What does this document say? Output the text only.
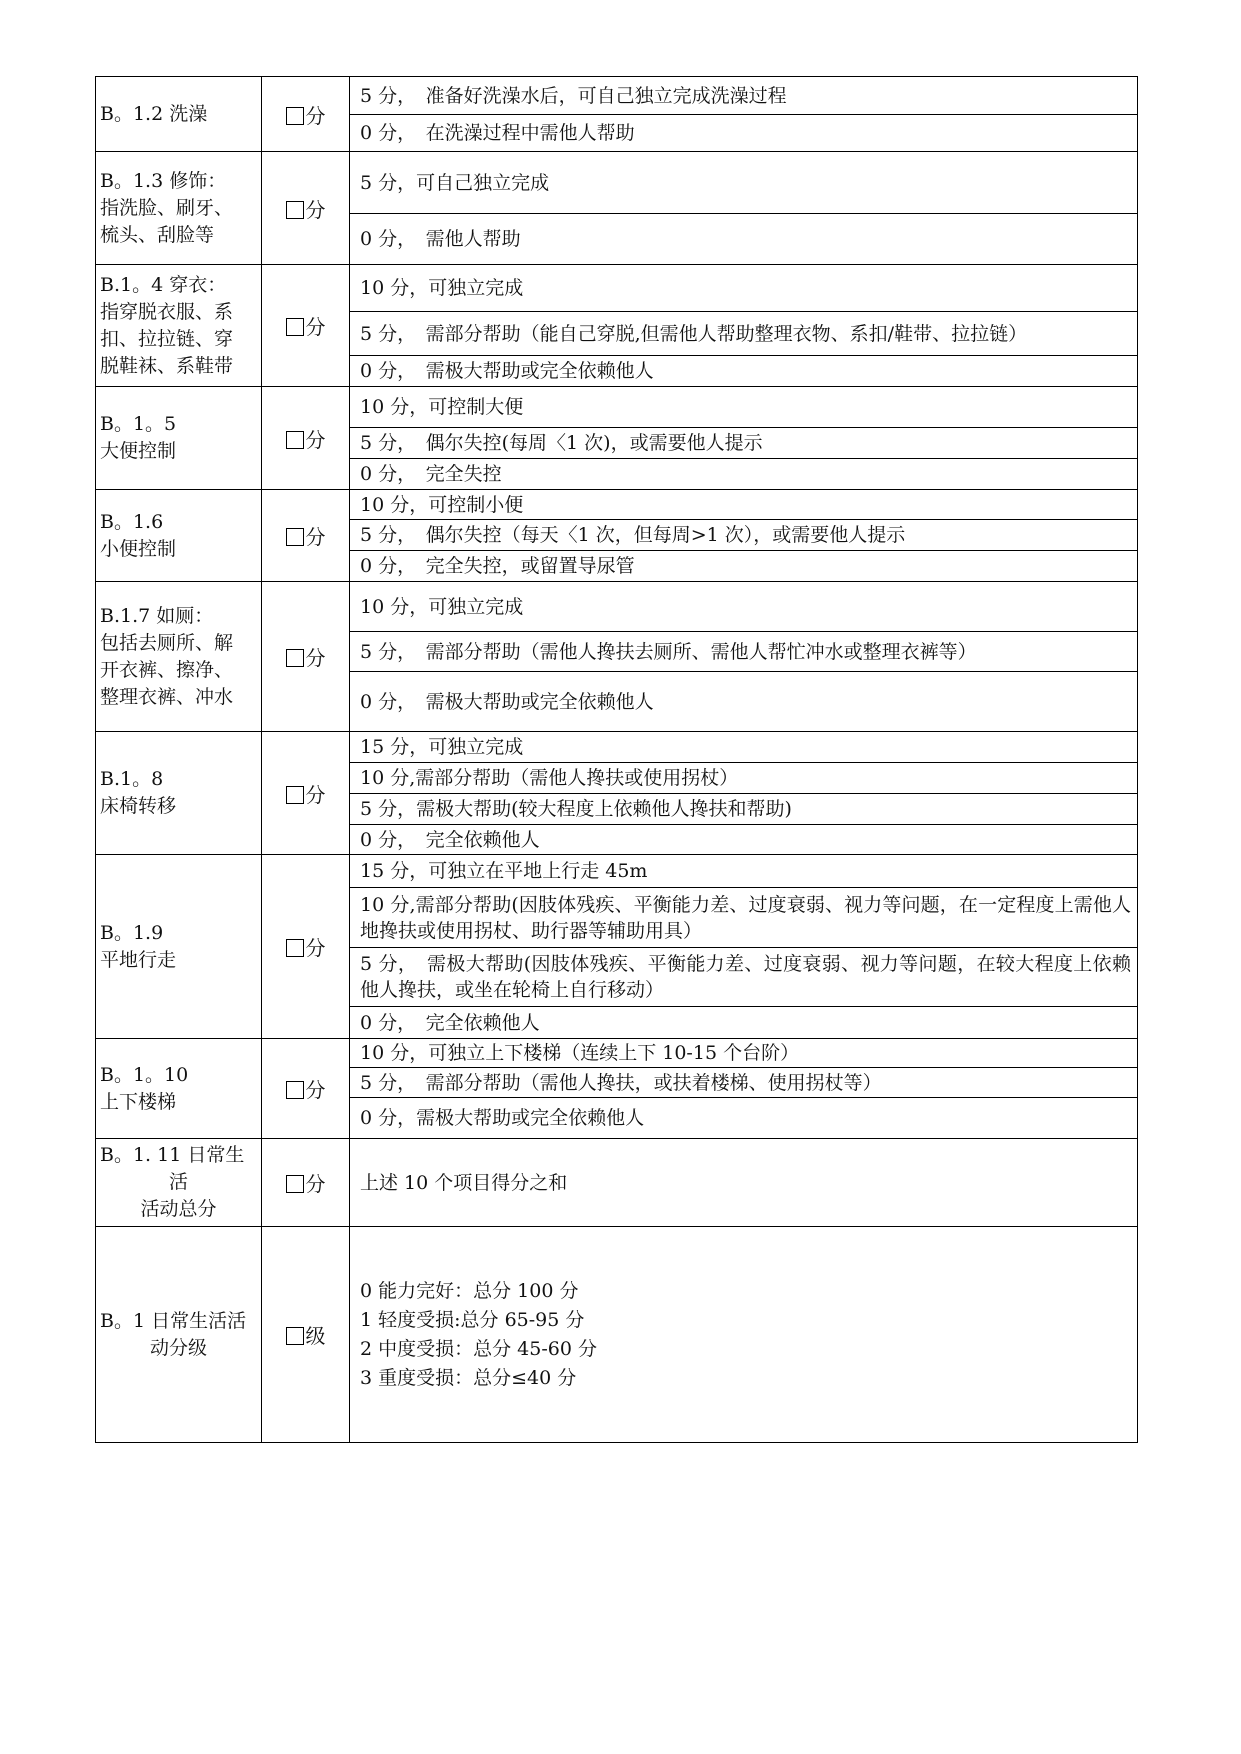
B。1.2 洗澡	分	5 分，　准备好洗澡水后，可自己独立完成洗澡过程
		0 分，　在洗澡过程中需他人帮助

B。1.3 修饰：
指洗脸、刷牙、
梳头、刮脸等	分	5 分，可自己独立完成
		0 分，　需他人帮助

B.1。4 穿衣：
指穿脱衣服、系
扣、拉拉链、穿
脱鞋袜、系鞋带	分	10 分，可独立完成
		5 分，　需部分帮助（能自己穿脱,但需他人帮助整理衣物、系扣/鞋带、拉拉链）
		0 分，　需极大帮助或完全依赖他人

B。1。5
大便控制	分	10 分，可控制大便
		5 分，　偶尔失控(每周〈1 次)，或需要他人提示
		0 分，　完全失控

B。1.6
小便控制	分	10 分，可控制小便
		5 分，　偶尔失控（每天〈1 次，但每周>1 次），或需要他人提示
		0 分，　完全失控，或留置导尿管

B.1.7 如厕：
包括去厕所、解
开衣裤、擦净、
整理衣裤、冲水	分	10 分，可独立完成
		5 分，　需部分帮助（需他人搀扶去厕所、需他人帮忙冲水或整理衣裤等）
		0 分，　需极大帮助或完全依赖他人

B.1。8
床椅转移	分	15 分，可独立完成
		10 分,需部分帮助（需他人搀扶或使用拐杖）
		5 分，需极大帮助(较大程度上依赖他人搀扶和帮助)
		0 分，　完全依赖他人

B。1.9
平地行走	分	15 分，可独立在平地上行走 45m
		10 分,需部分帮助(因肢体残疾、平衡能力差、过度衰弱、视力等问题，在一定程度上需他人地搀扶或使用拐杖、助行器等辅助用具）
		5 分，　需极大帮助(因肢体残疾、平衡能力差、过度衰弱、视力等问题，在较大程度上依赖他人搀扶，或坐在轮椅上自行移动）
		0 分，　完全依赖他人

B。1。10
上下楼梯	分	10 分，可独立上下楼梯（连续上下 10-15 个台阶）
		5 分，　需部分帮助（需他人搀扶，或扶着楼梯、使用拐杖等）
		0 分，需极大帮助或完全依赖他人

B。1. 11 日常生
活
活动总分	分	上述 10 个项目得分之和

B。1 日常生活活
动分级	级	0 能力完好：总分 100 分
1 轻度受损:总分 65-95 分
2 中度受损：总分 45-60 分
3 重度受损：总分≤40 分
